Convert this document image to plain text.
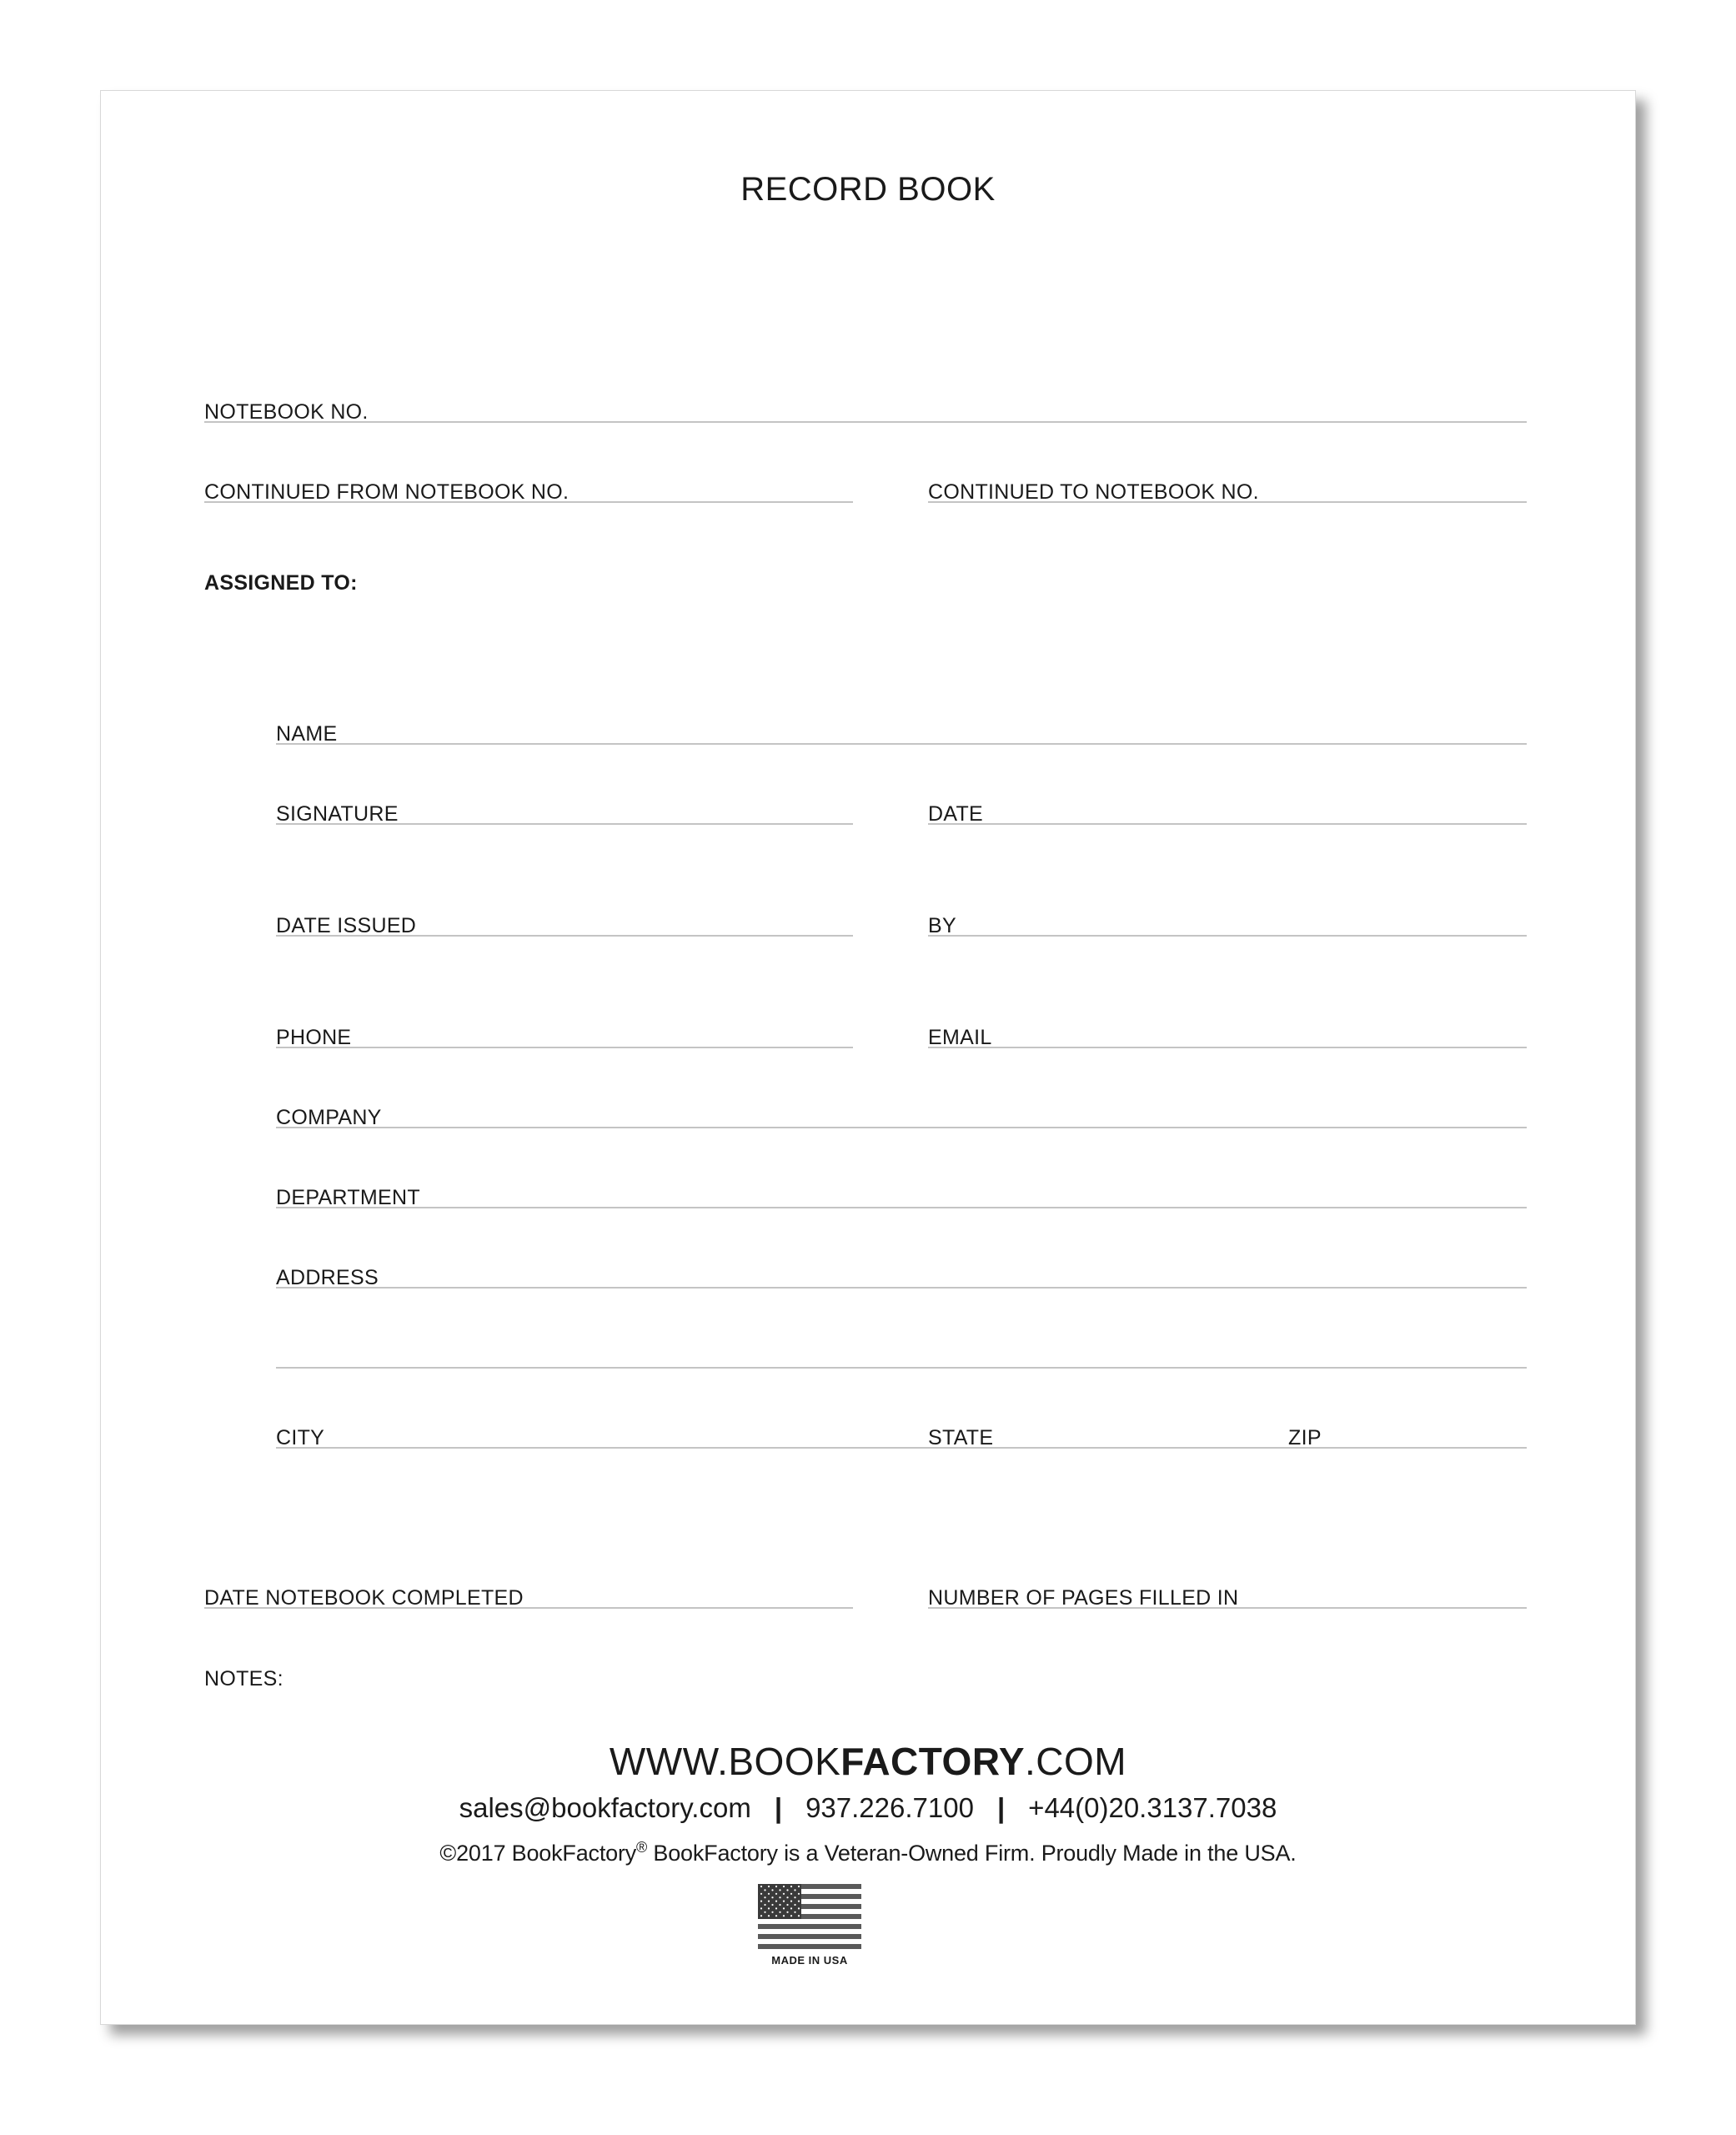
RECORD BOOK
NOTEBOOK NO.
CONTINUED FROM NOTEBOOK NO.	CONTINUED TO NOTEBOOK NO.
ASSIGNED TO:
NAME
SIGNATURE	DATE
DATE ISSUED	BY
PHONE	EMAIL
COMPANY
DEPARTMENT
ADDRESS
CITY	STATE	ZIP
DATE NOTEBOOK COMPLETED	NUMBER OF PAGES FILLED IN
NOTES:
WWW.BOOKFACTORY.COM
sales@bookfactory.com | 937.226.7100 | +44(0)20.3137.7038
©2017 BookFactory® BookFactory is a Veteran-Owned Firm. Proudly Made in the USA.
MADE IN USA
